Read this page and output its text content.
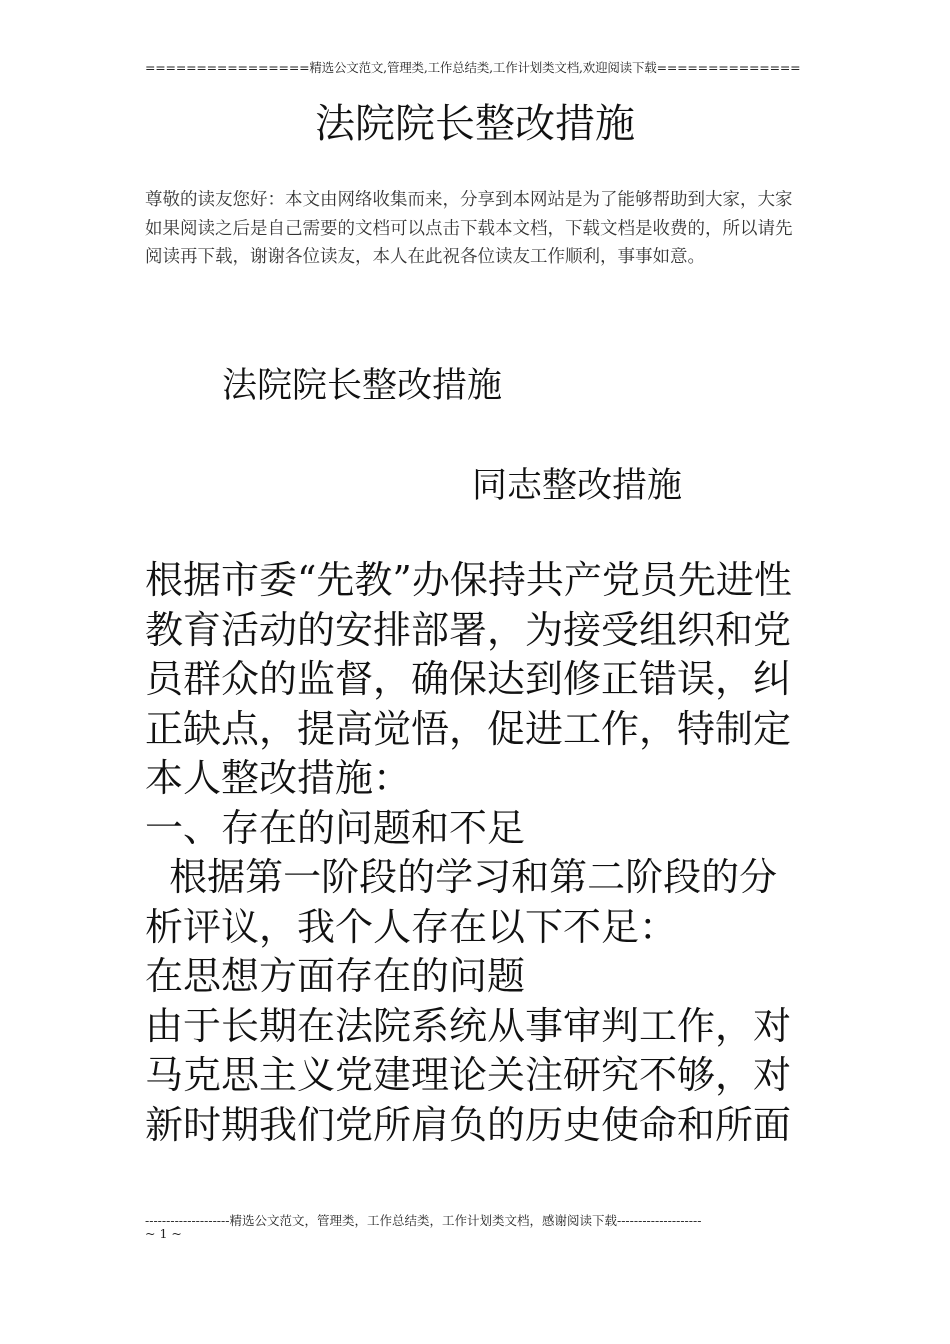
================精选公文范文,管理类,工作总结类,工作计划类文档,欢迎阅读下载==============
法院院长整改措施
尊敬的读友您好：本文由网络收集而来，分享到本网站是为了能够帮助到大家，大家如果阅读之后是自己需要的文档可以点击下载本文档，下载文档是收费的，所以请先阅读再下载，谢谢各位读友，本人在此祝各位读友工作顺利，事事如意。
法院院长整改措施
同志整改措施

根据市委“先教”办保持共产党员先进性教育活动的安排部署，为接受组织和党员群众的监督，确保达到修正错误，纠正缺点，提高觉悟，促进工作，特制定本人整改措施：

一、存在的问题和不足

根据第一阶段的学习和第二阶段的分析评议，我个人存在以下不足：

在思想方面存在的问题

由于长期在法院系统从事审判工作，对马克思主义党建理论关注研究不够，对新时期我们党所肩负的历史使命和所面

--------------------精选公文范文，管理类，工作总结类，工作计划类文档，感谢阅读下载--------------------
~ 1 ~
